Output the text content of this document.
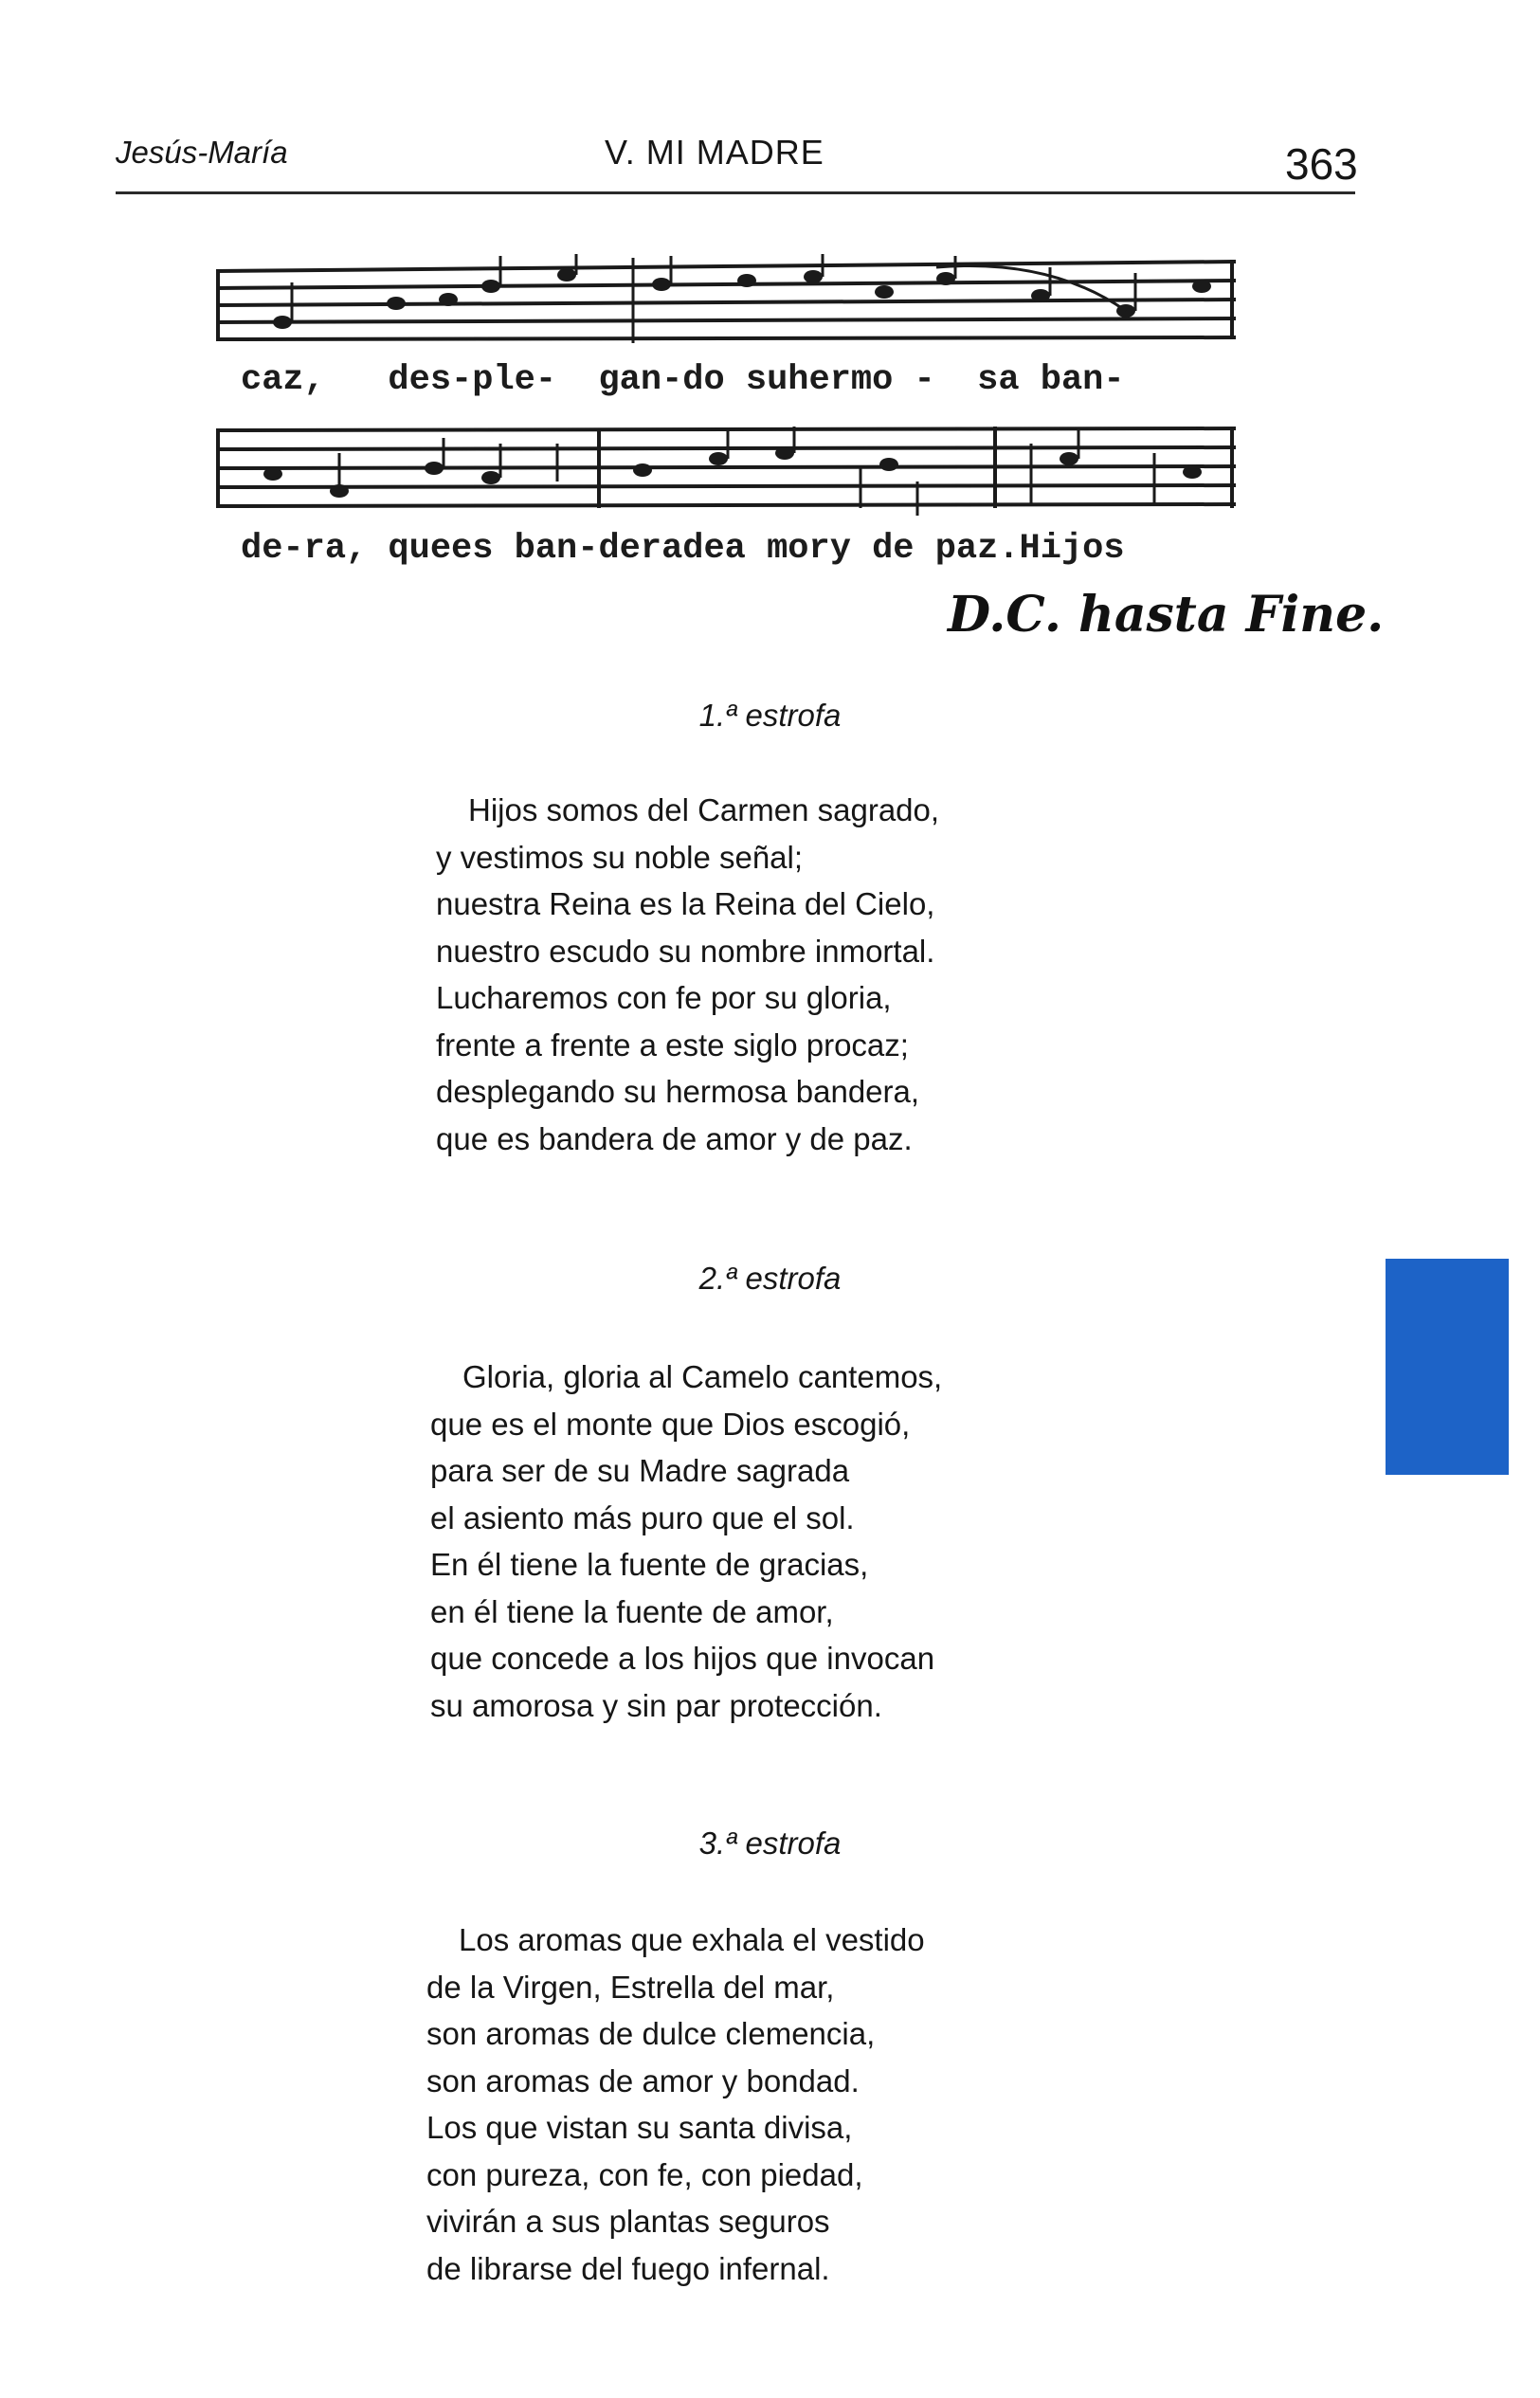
Jesús-María	V. MI MADRE	363
caz,   des-ple-  gan-do suhermo -  sa ban-
de-ra, quees ban-deradea mory de paz.Hijos
D.C. hasta Fine.
1.ª estrofa
Hijos somos del Carmen sagrado,
y vestimos su noble señal;
nuestra Reina es la Reina del Cielo,
nuestro escudo su nombre inmortal.
Lucharemos con fe por su gloria,
frente a frente a este siglo procaz;
desplegando su hermosa bandera,
que es bandera de amor y de paz.
2.ª estrofa
Gloria, gloria al Camelo cantemos,
que es el monte que Dios escogió,
para ser de su Madre sagrada
el asiento más puro que el sol.
En él tiene la fuente de gracias,
en él tiene la fuente de amor,
que concede a los hijos que invocan
su amorosa y sin par protección.
3.ª estrofa
Los aromas que exhala el vestido
de la Virgen, Estrella del mar,
son aromas de dulce clemencia,
son aromas de amor y bondad.
Los que vistan su santa divisa,
con pureza, con fe, con piedad,
vivirán a sus plantas seguros
de librarse del fuego infernal.
